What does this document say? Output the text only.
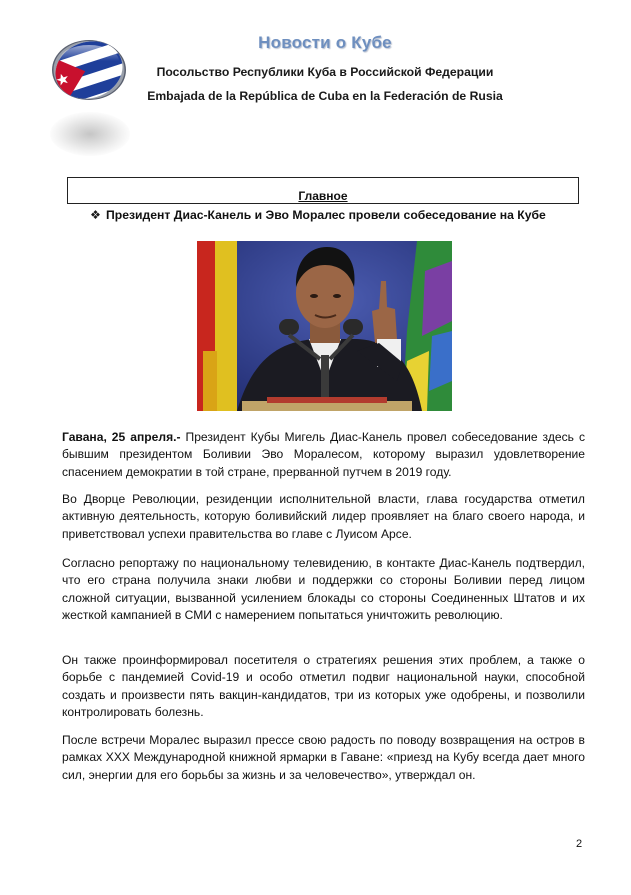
Новости о Кубе
Посольство Республики Куба в Российской Федерации
Embajada de la República de Cuba en la Federación de Rusia
Главное
❖ Президент Диас-Канель и Эво Моралес провели собеседование на Кубе

Гавана, 25 апреля.- Президент Кубы Мигель Диас-Канель провел собеседование здесь с бывшим президентом Боливии Эво Моралесом, которому выразил удовлетворение спасением демократии в той стране, прерванной путчем в 2019 году.

Во Дворце Революции, резиденции исполнительной власти, глава государства отметил активную деятельность, которую боливийский лидер проявляет на благо своего народа, и приветствовал успехи правительства во главе с Луисом Арсе.

Согласно репортажу по национальному телевидению, в контакте Диас-Канель подтвердил, что его страна получила знаки любви и поддержки со стороны Боливии перед лицом сложной ситуации, вызванной усилением блокады со стороны Соединенных Штатов и их жесткой кампанией в СМИ с намерением попытаться уничтожить революцию.

Он также проинформировал посетителя о стратегиях решения этих проблем, а также о борьбе с пандемией Covid-19 и особо отметил подвиг национальной науки, способной создать и произвести пять вакцин-кандидатов, три из которых уже одобрены, и позволили контролировать болезнь.

После встречи Моралес выразил прессе свою радость по поводу возвращения на остров в рамках XXX Международной книжной ярмарки в Гаване: «приезд на Кубу всегда дает много сил, энергии для его борьбы за жизнь и за человечество», утверждал он.

2
